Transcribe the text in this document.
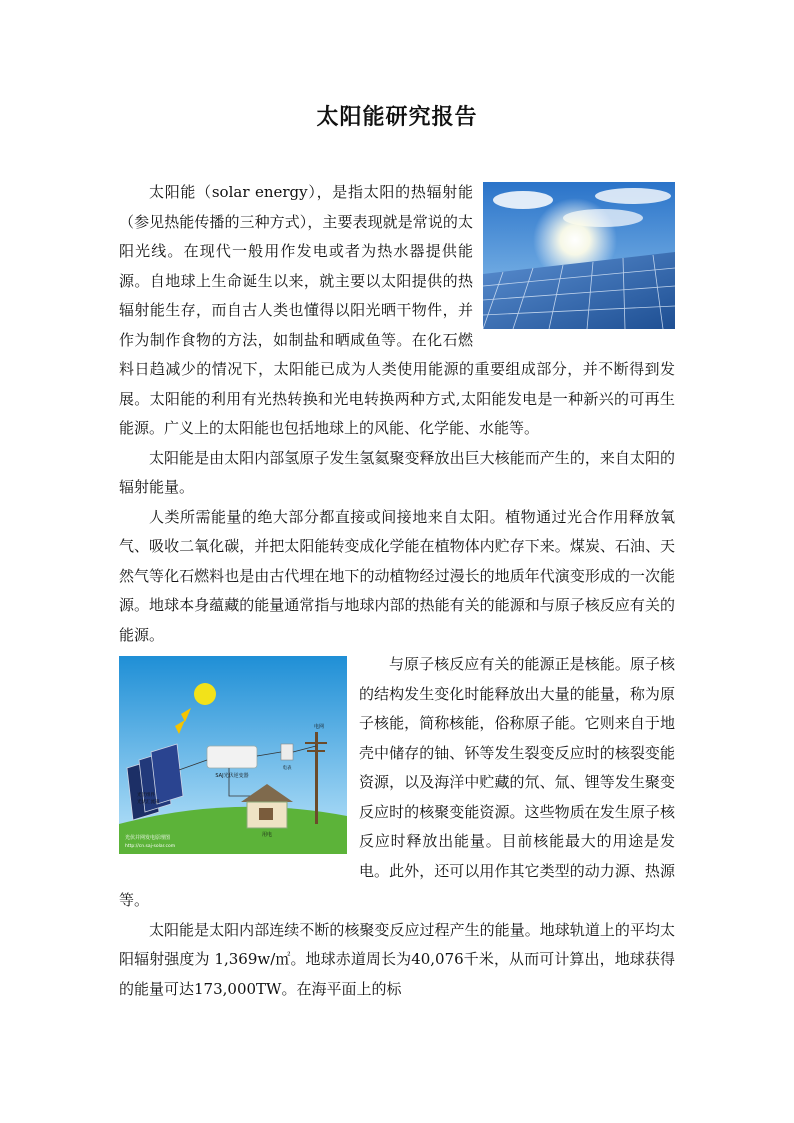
太阳能研究报告

太阳能（solar energy），是指太阳的热辐射能（参见热能传播的三种方式），主要表现就是常说的太阳光线。在现代一般用作发电或者为热水器提供能源。自地球上生命诞生以来，就主要以太阳提供的热辐射能生存，而自古人类也懂得以阳光晒干物件，并作为制作食物的方法，如制盐和晒咸鱼等。在化石燃料日趋减少的情况下，太阳能已成为人类使用能源的重要组成部分，并不断得到发展。太阳能的利用有光热转换和光电转换两种方式,太阳能发电是一种新兴的可再生能源。广义上的太阳能也包括地球上的风能、化学能、水能等。

太阳能是由太阳内部氢原子发生氢氦聚变释放出巨大核能而产生的，来自太阳的辐射能量。

人类所需能量的绝大部分都直接或间接地来自太阳。植物通过光合作用释放氧气、吸收二氧化碳，并把太阳能转变成化学能在植物体内贮存下来。煤炭、石油、天然气等化石燃料也是由古代埋在地下的动植物经过漫长的地质年代演变形成的一次能源。地球本身蕴藏的能量通常指与地球内部的热能有关的能源和与原子核反应有关的能源。

SAJ光伏逆变器
电表
电网
用电
光伏组件
光伏汇流箱
光伏并网发电原理图
http://cn.saj-solar.com
与原子核反应有关的能源正是核能。原子核的结构发生变化时能释放出大量的能量，称为原子核能，简称核能，俗称原子能。它则来自于地壳中储存的铀、钚等发生裂变反应时的核裂变能资源，以及海洋中贮藏的氘、氚、锂等发生聚变反应时的核聚变能资源。这些物质在发生原子核反应时释放出能量。目前核能最大的用途是发电。此外，还可以用作其它类型的动力源、热源等。

太阳能是太阳内部连续不断的核聚变反应过程产生的能量。地球轨道上的平均太阳辐射强度为 1,369w/㎡。地球赤道周长为40,076千米，从而可计算出，地球获得的能量可达173,000TW。在海平面上的标
